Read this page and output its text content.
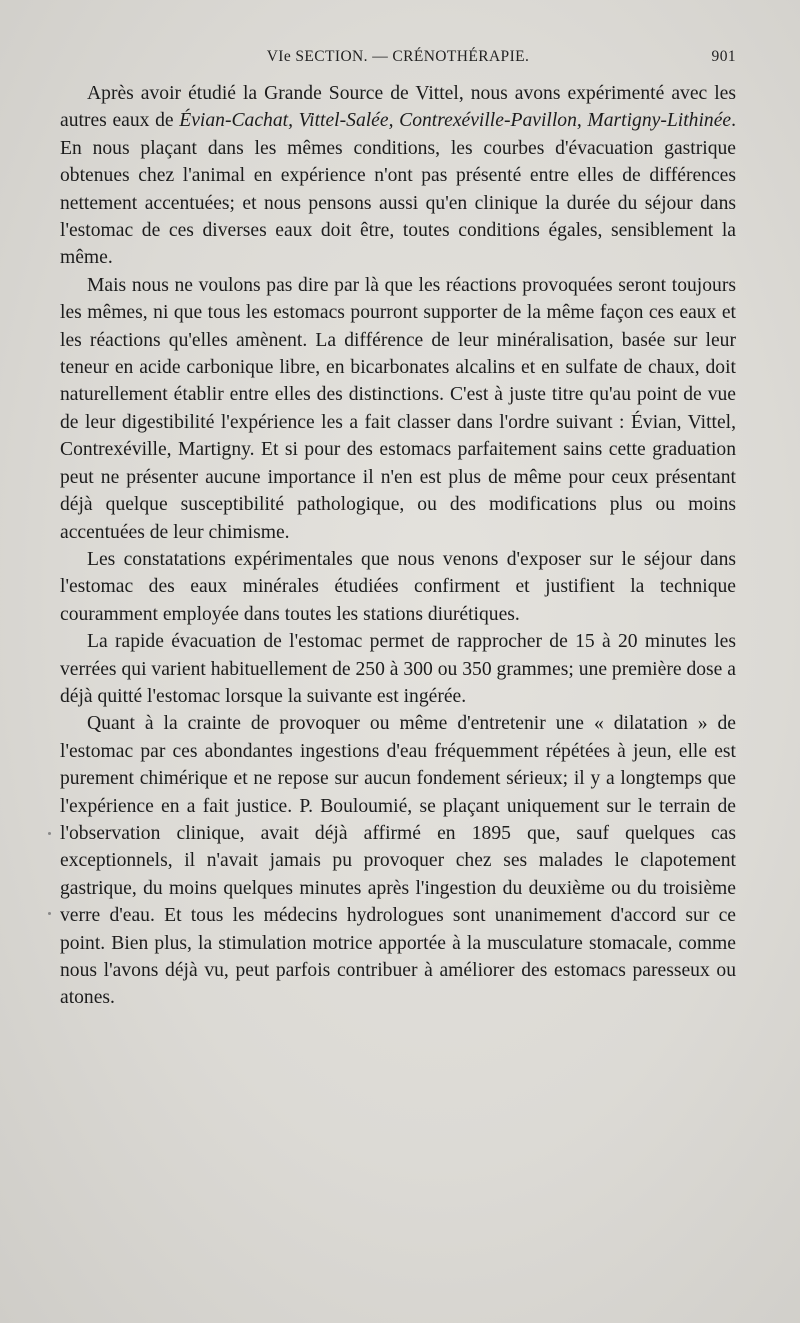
VIe SECTION. — CRÉNOTHÉRAPIE.	901

Après avoir étudié la Grande Source de Vittel, nous avons expérimenté avec les autres eaux de Évian-Cachat, Vittel-Salée, Contrexéville-Pavillon, Martigny-Lithinée. En nous plaçant dans les mêmes conditions, les courbes d'évacuation gastrique obtenues chez l'animal en expérience n'ont pas présenté entre elles de différences nettement accentuées; et nous pensons aussi qu'en clinique la durée du séjour dans l'estomac de ces diverses eaux doit être, toutes conditions égales, sensiblement la même.

Mais nous ne voulons pas dire par là que les réactions provoquées seront toujours les mêmes, ni que tous les estomacs pourront supporter de la même façon ces eaux et les réactions qu'elles amènent. La différence de leur minéralisation, basée sur leur teneur en acide carbonique libre, en bicarbonates alcalins et en sulfate de chaux, doit naturellement établir entre elles des distinctions. C'est à juste titre qu'au point de vue de leur digestibilité l'expérience les a fait classer dans l'ordre suivant : Évian, Vittel, Contrexéville, Martigny. Et si pour des estomacs parfaitement sains cette graduation peut ne présenter aucune importance il n'en est plus de même pour ceux présentant déjà quelque susceptibilité pathologique, ou des modifications plus ou moins accentuées de leur chimisme.

Les constatations expérimentales que nous venons d'exposer sur le séjour dans l'estomac des eaux minérales étudiées confirment et justifient la technique couramment employée dans toutes les stations diurétiques.

La rapide évacuation de l'estomac permet de rapprocher de 15 à 20 minutes les verrées qui varient habituellement de 250 à 300 ou 350 grammes; une première dose a déjà quitté l'estomac lorsque la suivante est ingérée.

Quant à la crainte de provoquer ou même d'entretenir une « dilatation » de l'estomac par ces abondantes ingestions d'eau fréquemment répétées à jeun, elle est purement chimérique et ne repose sur aucun fondement sérieux; il y a longtemps que l'expérience en a fait justice. P. Bouloumié, se plaçant uniquement sur le terrain de l'observation clinique, avait déjà affirmé en 1895 que, sauf quelques cas exceptionnels, il n'avait jamais pu provoquer chez ses malades le clapotement gastrique, du moins quelques minutes après l'ingestion du deuxième ou du troisième verre d'eau. Et tous les médecins hydrologues sont unanimement d'accord sur ce point. Bien plus, la stimulation motrice apportée à la musculature stomacale, comme nous l'avons déjà vu, peut parfois contribuer à améliorer des estomacs paresseux ou atones.
